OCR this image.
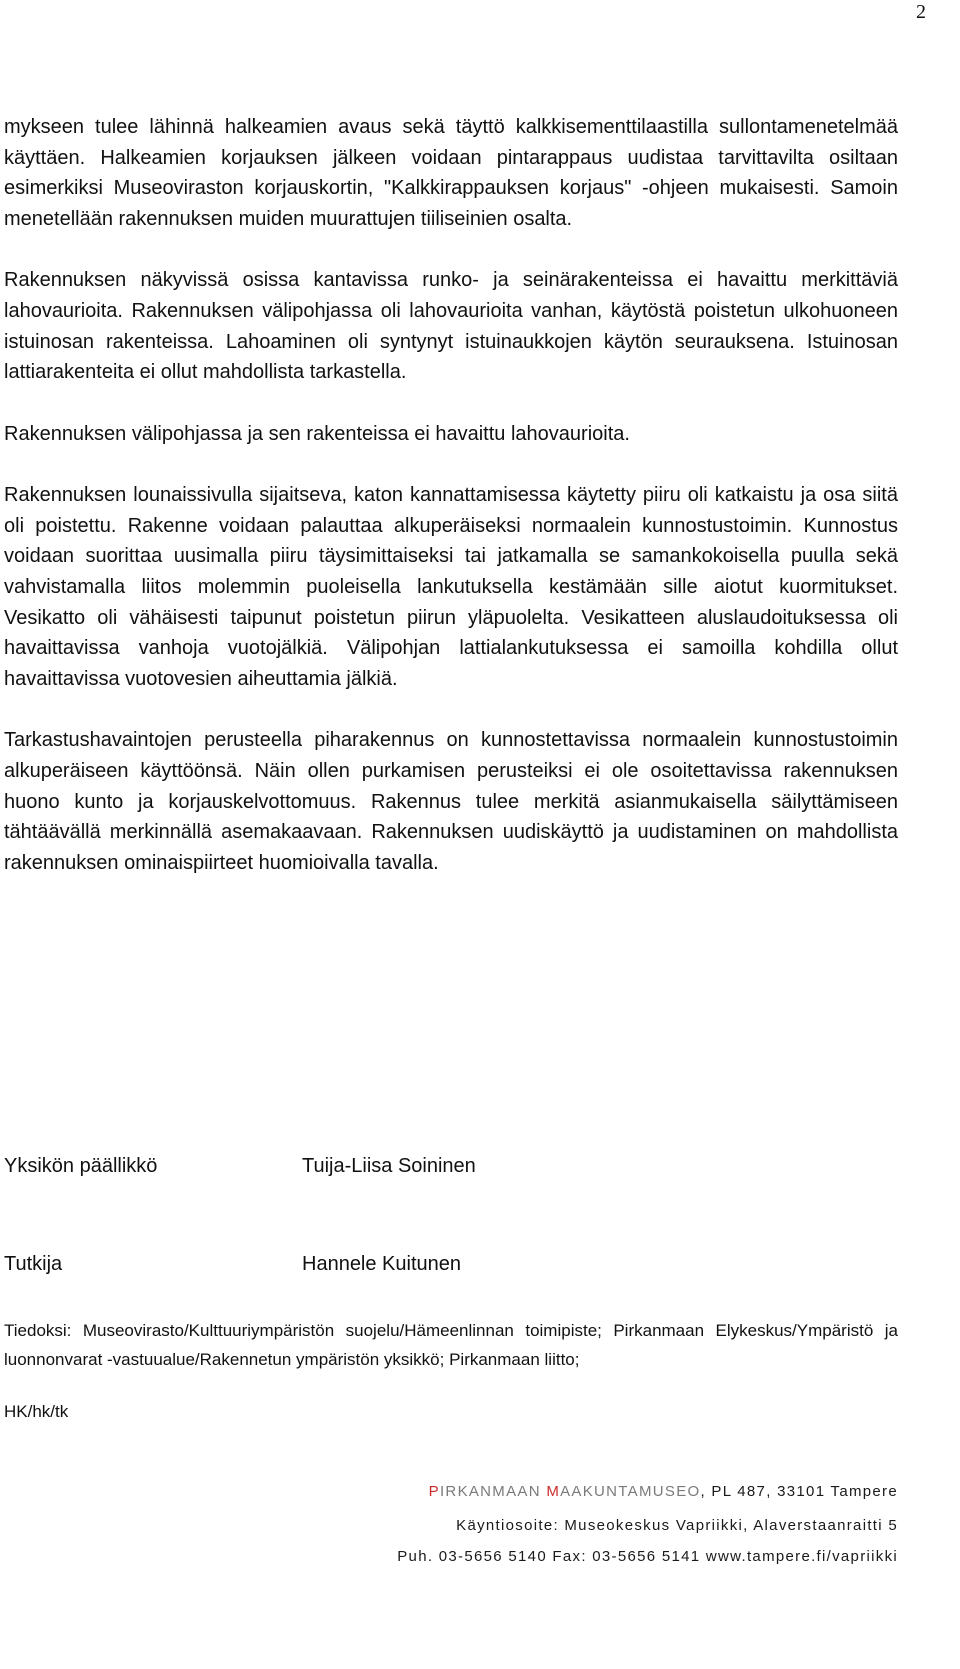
2

mykseen tulee lähinnä halkeamien avaus sekä täyttö kalkkisementtilaastilla sullontamenetelmää käyttäen. Halkeamien korjauksen jälkeen voidaan pintarappaus uudistaa tarvittavilta osiltaan esimerkiksi Museoviraston korjauskortin, "Kalkkirappauksen korjaus" -ohjeen mukaisesti. Samoin menetellään rakennuksen muiden muurattujen tiiliseinien osalta.

Rakennuksen näkyvissä osissa kantavissa runko- ja seinärakenteissa ei havaittu merkittäviä lahovaurioita. Rakennuksen välipohjassa oli lahovaurioita vanhan, käytöstä poistetun ulkohuoneen istuinosan rakenteissa. Lahoaminen oli syntynyt istuinaukkojen käytön seurauksena. Istuinosan lattiarakenteita ei ollut mahdollista tarkastella.

Rakennuksen välipohjassa ja sen rakenteissa ei havaittu lahovaurioita.

Rakennuksen lounaissivulla sijaitseva, katon kannattamisessa käytetty piiru oli katkaistu ja osa siitä oli poistettu. Rakenne voidaan palauttaa alkuperäiseksi normaalein kunnostustoimin. Kunnostus voidaan suorittaa uusimalla piiru täysimittaiseksi tai jatkamalla se samankokoisella puulla sekä vahvistamalla liitos molemmin puoleisella lankutuksella kestämään sille aiotut kuormitukset. Vesikatto oli vähäisesti taipunut poistetun piirun yläpuolelta. Vesikatteen aluslaudoituksessa oli havaittavissa vanhoja vuotojälkiä. Välipohjan lattialankutuksessa ei samoilla kohdilla ollut havaittavissa vuotovesien aiheuttamia jälkiä.

Tarkastushavaintojen perusteella piharakennus on kunnostettavissa normaalein kunnostustoimin alkuperäiseen käyttöönsä. Näin ollen purkamisen perusteiksi ei ole osoitettavissa rakennuksen huono kunto ja korjauskelvottomuus. Rakennus tulee merkitä asianmukaisella säilyttämiseen tähtäävällä merkinnällä asemakaavaan. Rakennuksen uudiskäyttö ja uudistaminen on mahdollista rakennuksen ominaispiirteet huomioivalla tavalla.

Yksikön päällikkö	Tuija-Liisa Soininen
Tutkija	Hannele Kuitunen

Tiedoksi: Museovirasto/Kulttuuriympäristön suojelu/Hämeenlinnan toimipiste; Pirkanmaan Elykeskus/Ympäristö ja luonnonvarat -vastuualue/Rakennetun ympäristön yksikkö; Pirkanmaan liitto;

HK/hk/tk
PIRKANMAAN MAAKUNTAMUSEO, PL 487, 33101 Tampere
Käyntiosoite: Museokeskus Vapriikki, Alaverstaanraitti 5
Puh. 03-5656 5140 Fax: 03-5656 5141 www.tampere.fi/vapriikki
